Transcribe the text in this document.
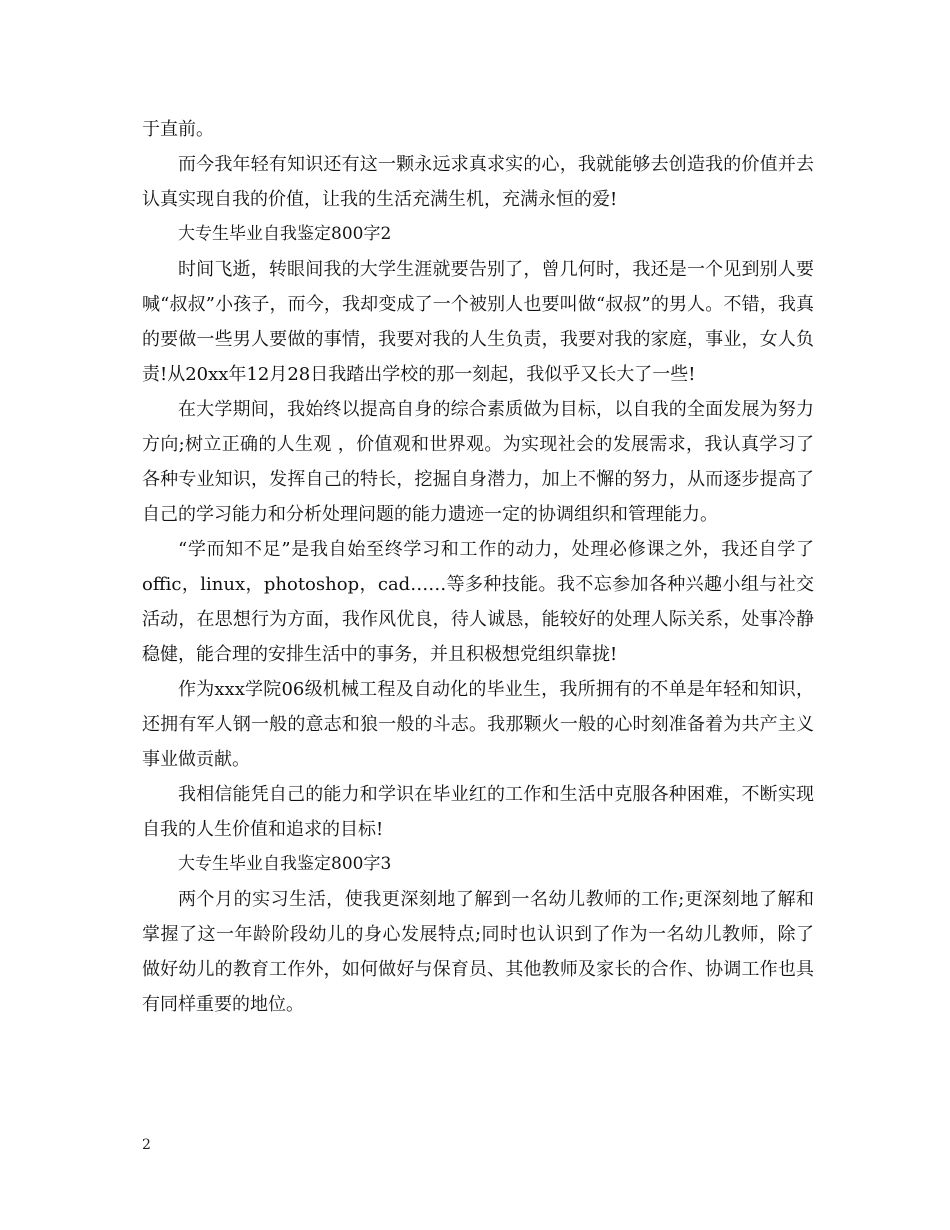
于直前。

而今我年轻有知识还有这一颗永远求真求实的心，我就能够去创造我的价值并去认真实现自我的价值，让我的生活充满生机，充满永恒的爱!

大专生毕业自我鉴定800字2

时间飞逝，转眼间我的大学生涯就要告别了，曾几何时，我还是一个见到别人要喊“叔叔”小孩子，而今，我却变成了一个被别人也要叫做“叔叔”的男人。不错，我真的要做一些男人要做的事情，我要对我的人生负责，我要对我的家庭，事业，女人负责!从20xx年12月28日我踏出学校的那一刻起，我似乎又长大了一些!

在大学期间，我始终以提高自身的综合素质做为目标，以自我的全面发展为努力方向;树立正确的人生观 ，价值观和世界观。为实现社会的发展需求，我认真学习了各种专业知识，发挥自己的特长，挖掘自身潜力，加上不懈的努力，从而逐步提高了自己的学习能力和分析处理问题的能力遗迹一定的协调组织和管理能力。

“学而知不足”是我自始至终学习和工作的动力，处理必修课之外，我还自学了offic，linux，photoshop，cad……等多种技能。我不忘参加各种兴趣小组与社交活动，在思想行为方面，我作风优良，待人诚恳，能较好的处理人际关系，处事冷静稳健，能合理的安排生活中的事务，并且积极想党组织靠拢!

作为xxx学院06级机械工程及自动化的毕业生，我所拥有的不单是年轻和知识，还拥有军人钢一般的意志和狼一般的斗志。我那颗火一般的心时刻准备着为共产主义事业做贡献。

我相信能凭自己的能力和学识在毕业红的工作和生活中克服各种困难，不断实现自我的人生价值和追求的目标!

大专生毕业自我鉴定800字3

两个月的实习生活，使我更深刻地了解到一名幼儿教师的工作;更深刻地了解和掌握了这一年龄阶段幼儿的身心发展特点;同时也认识到了作为一名幼儿教师，除了做好幼儿的教育工作外，如何做好与保育员、其他教师及家长的合作、协调工作也具有同样重要的地位。

2
